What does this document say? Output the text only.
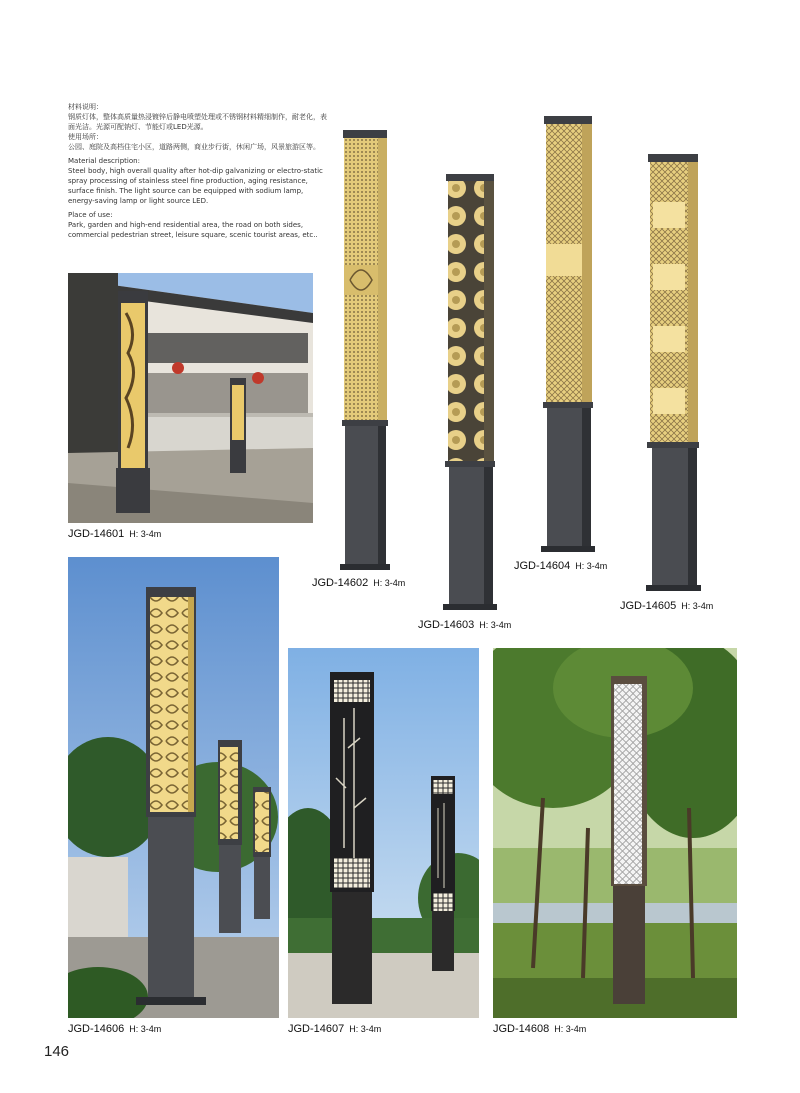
材料说明：

钢质灯体，整体高质量热浸镀锌后静电喷塑处理或不锈钢材料精细制作，耐老化，表面光洁。光源可配钠灯、节能灯或LED光源。

使用场所：

公园、庭院及高档住宅小区，道路两侧，商业步行街，休闲广场，风景旅游区等。

Material description:

Steel body, high overall quality after hot-dip galvanizing or electro-static spray processing of stainless steel fine production, aging resistance, surface finish. The light source can be equipped with sodium lamp, energy-saving lamp or light source LED.

Place of use:

Park, garden and high-end residential area, the road on both sides, commercial pedestrian street, leisure square, scenic tourist areas, etc..

JGD-14601 H: 3-4m
JGD-14602 H: 3-4m
JGD-14603 H: 3-4m
JGD-14604 H: 3-4m
JGD-14605 H: 3-4m
JGD-14606 H: 3-4m	JGD-14607 H: 3-4m	JGD-14608 H: 3-4m
146
